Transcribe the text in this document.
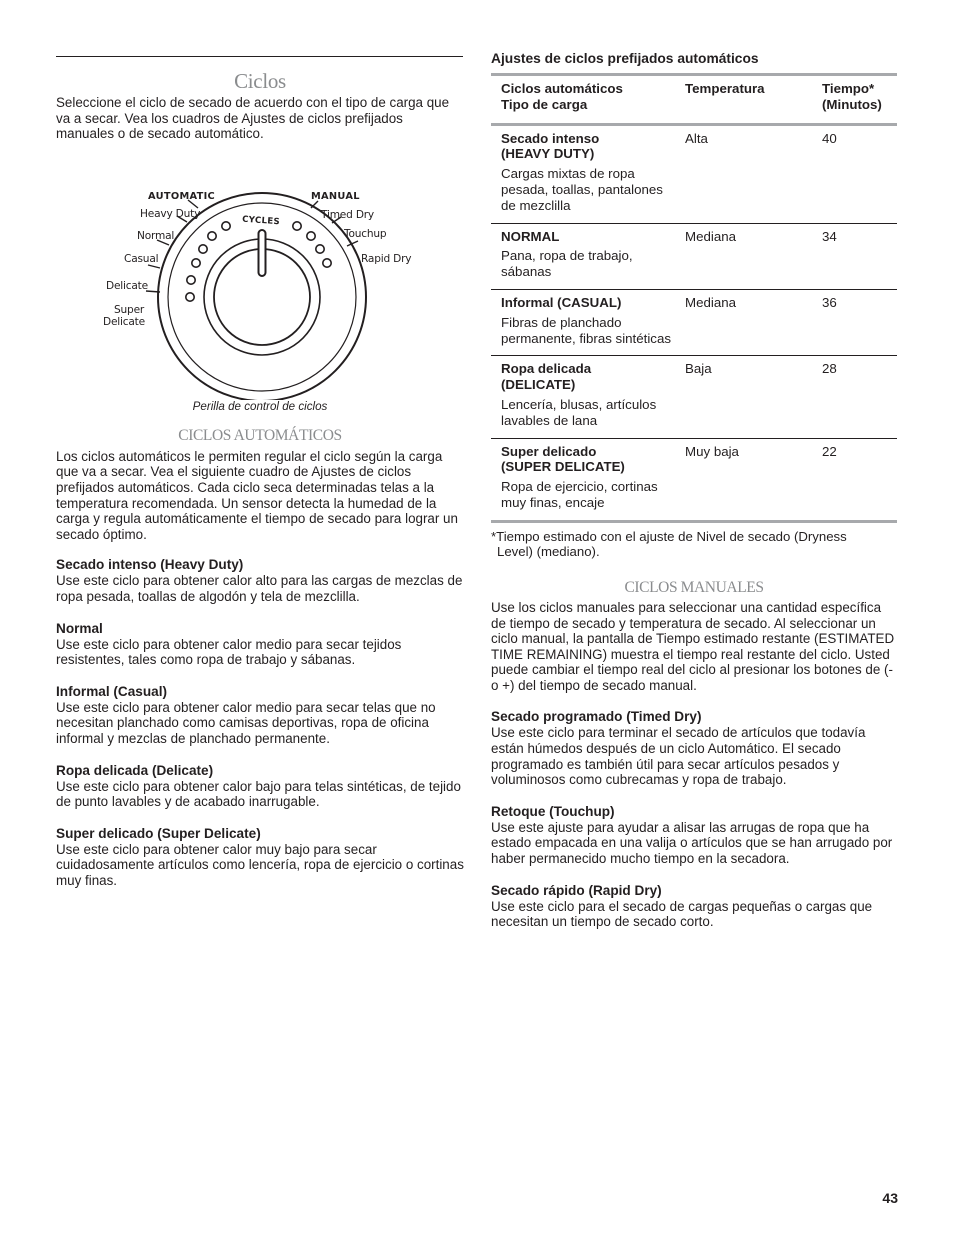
Ciclos

Seleccione el ciclo de secado de acuerdo con el tipo de carga que va a secar. Vea los cuadros de Ajustes de ciclos prefijados manuales o de secado automático.

AUTOMATIC	MANUAL
CYCLES
Heavy Duty
Normal
Casual
Delicate
Super
Delicate
Timed Dry
Touchup
Rapid Dry
Perilla de control de ciclos
CICLOS AUTOMÁTICOS

Los ciclos automáticos le permiten regular el ciclo según la carga que va a secar. Vea el siguiente cuadro de Ajustes de ciclos prefijados automáticos. Cada ciclo seca determinadas telas a la temperatura recomendada. Un sensor detecta la humedad de la carga y regula automáticamente el tiempo de secado para lograr un secado óptimo.

Secado intenso (Heavy Duty)

Use este ciclo para obtener calor alto para las cargas de mezclas de ropa pesada, toallas de algodón y tela de mezclilla.

Normal

Use este ciclo para obtener calor medio para secar tejidos resistentes, tales como ropa de trabajo y sábanas.

Informal (Casual)

Use este ciclo para obtener calor medio para secar telas que no necesitan planchado como camisas deportivas, ropa de oficina informal y mezclas de planchado permanente.

Ropa delicada (Delicate)

Use este ciclo para obtener calor bajo para telas sintéticas, de tejido de punto lavables y de acabado inarrugable.

Super delicado (Super Delicate)

Use este ciclo para obtener calor muy bajo para secar cuidadosamente artículos como lencería, ropa de ejercicio o cortinas muy finas.

Ajustes de ciclos prefijados automáticos
Ciclos automáticos
Tipo de carga	Temperatura	Tiempo*
(Minutos)

Secado intenso
(HEAVY DUTY)
Cargas mixtas de ropa pesada, toallas, pantalones de mezclilla	Alta	40

NORMAL
Pana, ropa de trabajo, sábanas	Mediana	34

Informal (CASUAL)
Fibras de planchado permanente, fibras sintéticas	Mediana	36

Ropa delicada
(DELICATE)
Lencería, blusas, artículos lavables de lana	Baja	28

Super delicado
(SUPER DELICATE)
Ropa de ejercicio, cortinas muy finas, encaje	Muy baja	22
*Tiempo estimado con el ajuste de Nivel de secado (Dryness
Level) (mediano).
CICLOS MANUALES

Use los ciclos manuales para seleccionar una cantidad específica de tiempo de secado y temperatura de secado. Al seleccionar un ciclo manual, la pantalla de Tiempo estimado restante (ESTIMATED TIME REMAINING) muestra el tiempo real restante del ciclo. Usted puede cambiar el tiempo real del ciclo al presionar los botones de (- o +) del tiempo de secado manual.

Secado programado (Timed Dry)

Use este ciclo para terminar el secado de artículos que todavía están húmedos después de un ciclo Automático. El secado programado es también útil para secar artículos pesados y voluminosos como cubrecamas y ropa de trabajo.

Retoque (Touchup)

Use este ajuste para ayudar a alisar las arrugas de ropa que ha estado empacada en una valija o artículos que se han arrugado por haber permanecido mucho tiempo en la secadora.

Secado rápido (Rapid Dry)

Use este ciclo para el secado de cargas pequeñas o cargas que necesitan un tiempo de secado corto.

43
